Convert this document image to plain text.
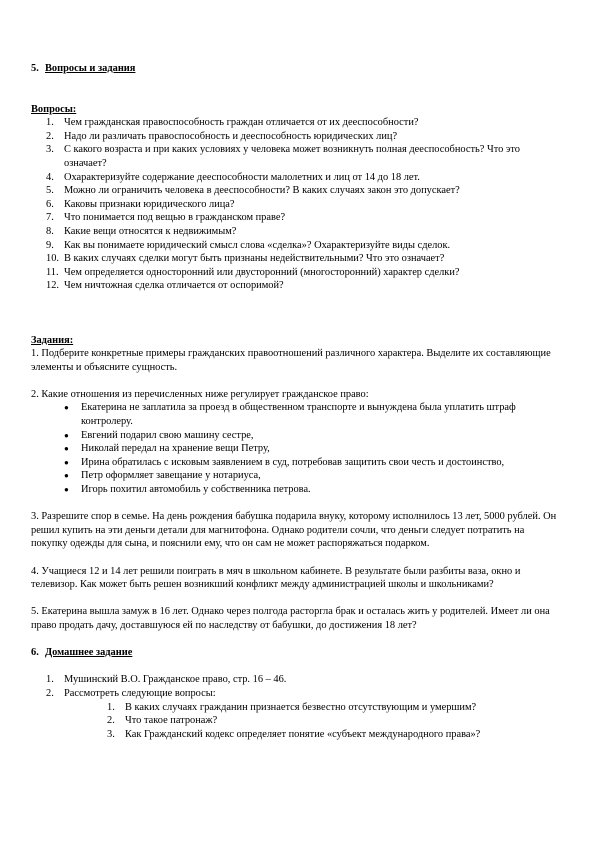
5. Вопросы и задания
Вопросы:
1. Чем гражданская правоспособность граждан отличается от их дееспособности?
2. Надо ли различать правоспособность и дееспособность юридических лиц?
3. С какого возраста и при каких условиях у человека может возникнуть полная дееспособность? Что это означает?
4. Охарактеризуйте содержание дееспособности малолетних и лиц от 14 до 18 лет.
5. Можно ли ограничить человека в дееспособности? В каких случаях закон это допускает?
6. Каковы признаки юридического лица?
7. Что понимается под вещью в гражданском праве?
8. Какие вещи относятся к недвижимым?
9. Как вы понимаете юридический смысл слова «сделка»? Охарактеризуйте виды сделок.
10. В каких случаях сделки могут быть признаны недействительными? Что это означает?
11. Чем определяется односторонний или двусторонний (многосторонний) характер сделки?
12. Чем ничтожная сделка отличается от оспоримой?
Задания:

1. Подберите конкретные примеры гражданских правоотношений различного характера. Выделите их составляющие элементы и объясните сущность.

2. Какие отношения из перечисленных ниже регулирует гражданское право:

● Екатерина не заплатила за проезд в общественном транспорте и вынуждена была уплатить штраф контролеру.
● Евгений подарил свою машину сестре,
● Николай передал на хранение вещи Петру,
● Ирина обратилась с исковым заявлением в суд, потребовав защитить свои честь и достоинство,
● Петр оформляет завещание у нотариуса,
● Игорь похитил автомобиль у собственника петрова.

3. Разрешите спор в семье. На день рождения бабушка подарила внуку, которому исполнилось 13 лет, 5000 рублей. Он решил купить на эти деньги детали для магнитофона. Однако родители сочли, что деньги следует потратить на покупку одежды для сына, и пояснили ему, что он сам не может распоряжаться подарком.

4. Учащиеся 12 и 14 лет решили поиграть в мяч в школьном кабинете. В результате были разбиты ваза, окно и телевизор. Как может быть решен возникший конфликт между администрацией школы и школьниками?

5. Екатерина вышла замуж в 16 лет. Однако через полгода расторгла брак и осталась жить у родителей. Имеет ли она право продать дачу, доставшуюся ей по наследству от бабушки, до достижения 18 лет?

6. Домашнее задание
1. Мушинский В.О. Гражданское право, стр. 16 – 46.
2. Рассмотреть следующие вопросы:
1. В каких случаях гражданин признается безвестно отсутствующим и умершим?
2. Что такое патронаж?
3. Как Гражданский кодекс определяет понятие «субъект международного права»?
